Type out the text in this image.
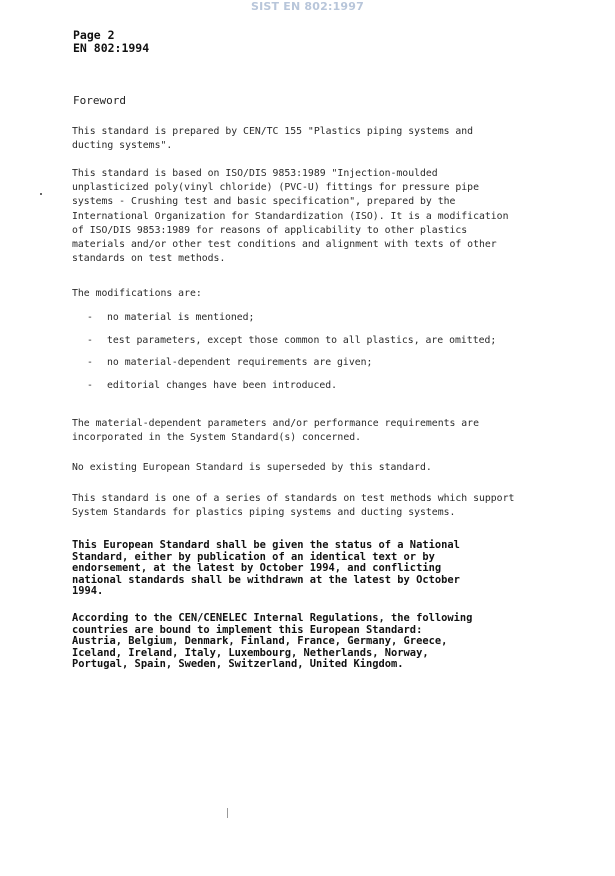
SIST EN 802:1997
Page 2
EN 802:1994
Foreword

This standard is prepared by CEN/TC 155 "Plastics piping systems and
ducting systems".

This standard is based on ISO/DIS 9853:1989 "Injection-moulded
unplasticized poly(vinyl chloride) (PVC-U) fittings for pressure pipe
systems - Crushing test and basic specification", prepared by the
International Organization for Standardization (ISO). It is a modification
of ISO/DIS 9853:1989 for reasons of applicability to other plastics
materials and/or other test conditions and alignment with texts of other
standards on test methods.

The modifications are:

-	no material is mentioned;
-	test parameters, except those common to all plastics, are omitted;
-	no material-dependent requirements are given;
-	editorial changes have been introduced.

The material-dependent parameters and/or performance requirements are
incorporated in the System Standard(s) concerned.

No existing European Standard is superseded by this standard.

This standard is one of a series of standards on test methods which support
System Standards for plastics piping systems and ducting systems.

This European Standard shall be given the status of a National
Standard, either by publication of an identical text or by
endorsement, at the latest by October 1994, and conflicting
national standards shall be withdrawn at the latest by October
1994.

According to the CEN/CENELEC Internal Regulations, the following
countries are bound to implement this European Standard:
Austria, Belgium, Denmark, Finland, France, Germany, Greece,
Iceland, Ireland, Italy, Luxembourg, Netherlands, Norway,
Portugal, Spain, Sweden, Switzerland, United Kingdom.
